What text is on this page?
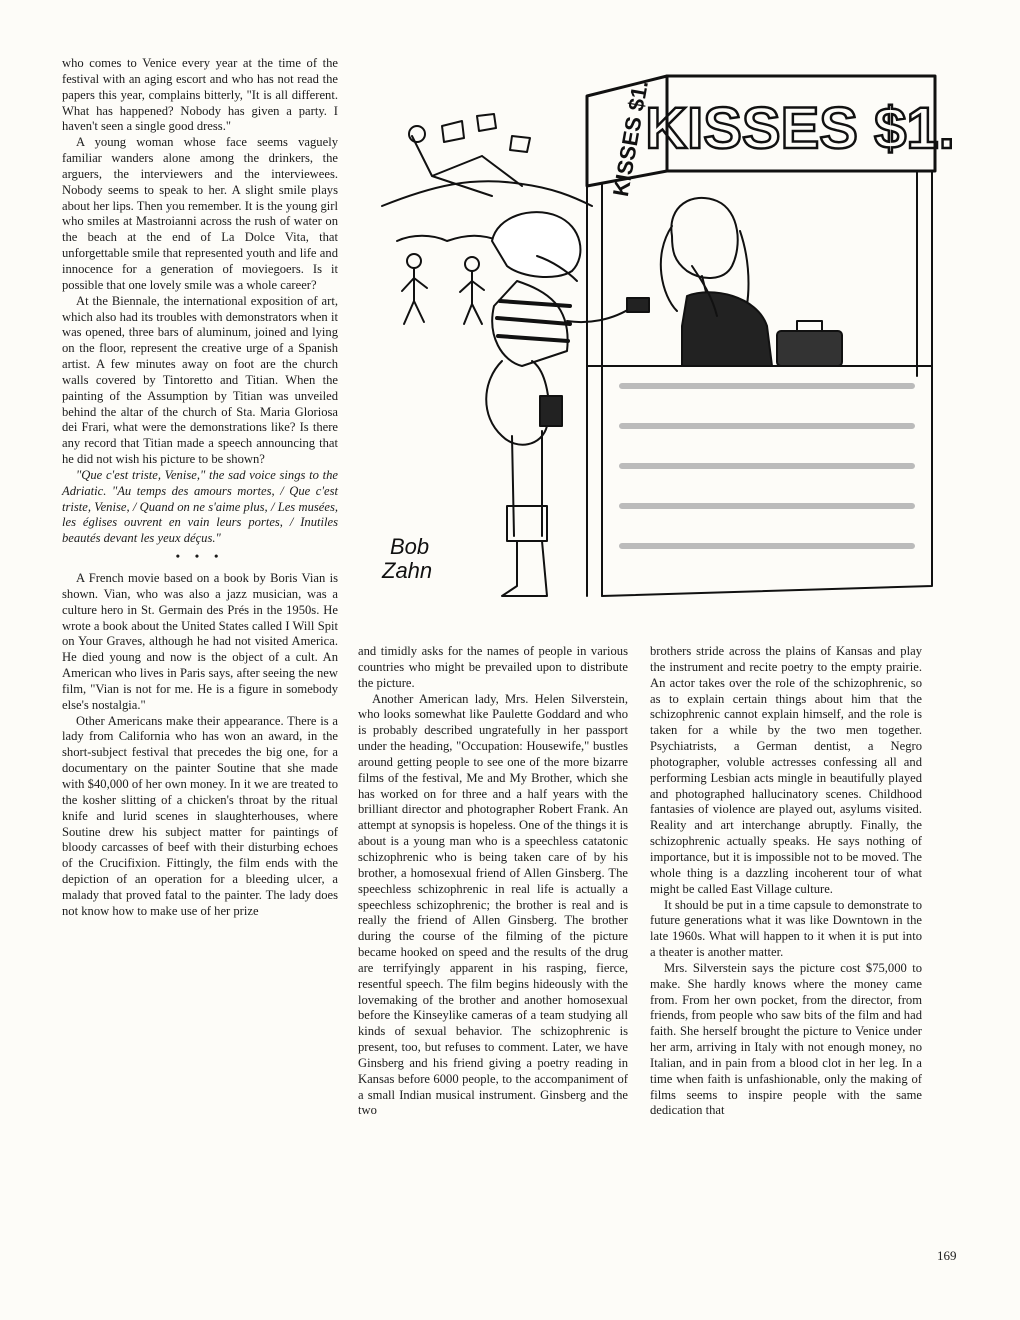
who comes to Venice every year at the time of the festival with an aging escort and who has not read the papers this year, complains bitterly, "It is all different. What has happened? Nobody has given a party. I haven't seen a single good dress."

A young woman whose face seems vaguely familiar wanders alone among the drinkers, the arguers, the interviewers and the interviewees. Nobody seems to speak to her. A slight smile plays about her lips. Then you remember. It is the young girl who smiles at Mastroianni across the rush of water on the beach at the end of La Dolce Vita, that unforgettable smile that represented youth and life and innocence for a generation of moviegoers. Is it possible that one lovely smile was a whole career?

At the Biennale, the international exposition of art, which also had its troubles with demonstrators when it was opened, three bars of aluminum, joined and lying on the floor, represent the creative urge of a Spanish artist. A few minutes away on foot are the church walls covered by Tintoretto and Titian. When the painting of the Assumption by Titian was unveiled behind the altar of the church of Sta. Maria Gloriosa dei Frari, what were the demonstrations like? Is there any record that Titian made a speech announcing that he did not wish his picture to be shown?

"Que c'est triste, Venise," the sad voice sings to the Adriatic. "Au temps des amours mortes, / Que c'est triste, Venise, / Quand on ne s'aime plus, / Les musées, les églises ouvrent en vain leurs portes, / Inutiles beautés devant les yeux déçus."

• • •

A French movie based on a book by Boris Vian is shown. Vian, who was also a jazz musician, was a culture hero in St. Germain des Prés in the 1950s. He wrote a book about the United States called I Will Spit on Your Graves, although he had not visited America. He died young and now is the object of a cult. An American who lives in Paris says, after seeing the new film, "Vian is not for me. He is a figure in somebody else's nostalgia."

Other Americans make their appearance. There is a lady from California who has won an award, in the short-subject festival that precedes the big one, for a documentary on the painter Soutine that she made with $40,000 of her own money. In it we are treated to the kosher slitting of a chicken's throat by the ritual knife and lurid scenes in slaughterhouses, where Soutine drew his subject matter for paintings of bloody carcasses of beef with their disturbing echoes of the Crucifixion. Fittingly, the film ends with the depiction of an operation for a bleeding ulcer, a malady that proved fatal to the painter. The lady does not know how to make use of her prize

and timidly asks for the names of people in various countries who might be prevailed upon to distribute the picture.

Another American lady, Mrs. Helen Silverstein, who looks somewhat like Paulette Goddard and who is probably described ungratefully in her passport under the heading, "Occupation: Housewife," bustles around getting people to see one of the more bizarre films of the festival, Me and My Brother, which she has worked on for three and a half years with the brilliant director and photographer Robert Frank. An attempt at synopsis is hopeless. One of the things it is about is a young man who is a speechless catatonic schizophrenic who is being taken care of by his brother, a homosexual friend of Allen Ginsberg. The speechless schizophrenic in real life is actually a speechless schizophrenic; the brother is real and is really the friend of Allen Ginsberg. The brother during the course of the filming of the picture became hooked on speed and the results of the drug are terrifyingly apparent in his rasping, fierce, resentful speech. The film begins hideously with the lovemaking of the brother and another homosexual before the Kinseylike cameras of a team studying all kinds of sexual behavior. The schizophrenic is present, too, but refuses to comment. Later, we have Ginsberg and his friend giving a poetry reading in Kansas before 6000 people, to the accompaniment of a small Indian musical instrument. Ginsberg and the two

brothers stride across the plains of Kansas and play the instrument and recite poetry to the empty prairie. An actor takes over the role of the schizophrenic, so as to explain certain things about him that the schizophrenic cannot explain himself, and the role is taken for a while by the two men together. Psychiatrists, a German dentist, a Negro photographer, voluble actresses confessing all and performing Lesbian acts mingle in beautifully played and photographed hallucinatory scenes. Childhood fantasies of violence are played out, asylums visited. Reality and art interchange abruptly. Finally, the schizophrenic actually speaks. He says nothing of importance, but it is impossible not to be moved. The whole thing is a dazzling incoherent tour of what might be called East Village culture.

It should be put in a time capsule to demonstrate to future generations what it was like Downtown in the late 1960s. What will happen to it when it is put into a theater is another matter.

Mrs. Silverstein says the picture cost $75,000 to make. She hardly knows where the money came from. From her own pocket, from the director, from friends, from people who saw bits of the film and had faith. She herself brought the picture to Venice under her arm, arriving in Italy with not enough money, no Italian, and in pain from a blood clot in her leg. In a time when faith is unfashionable, only the making of films seems to inspire people with the same dedication that

169
KISSES $1.
KISSES $1.
Bob
Zahn
